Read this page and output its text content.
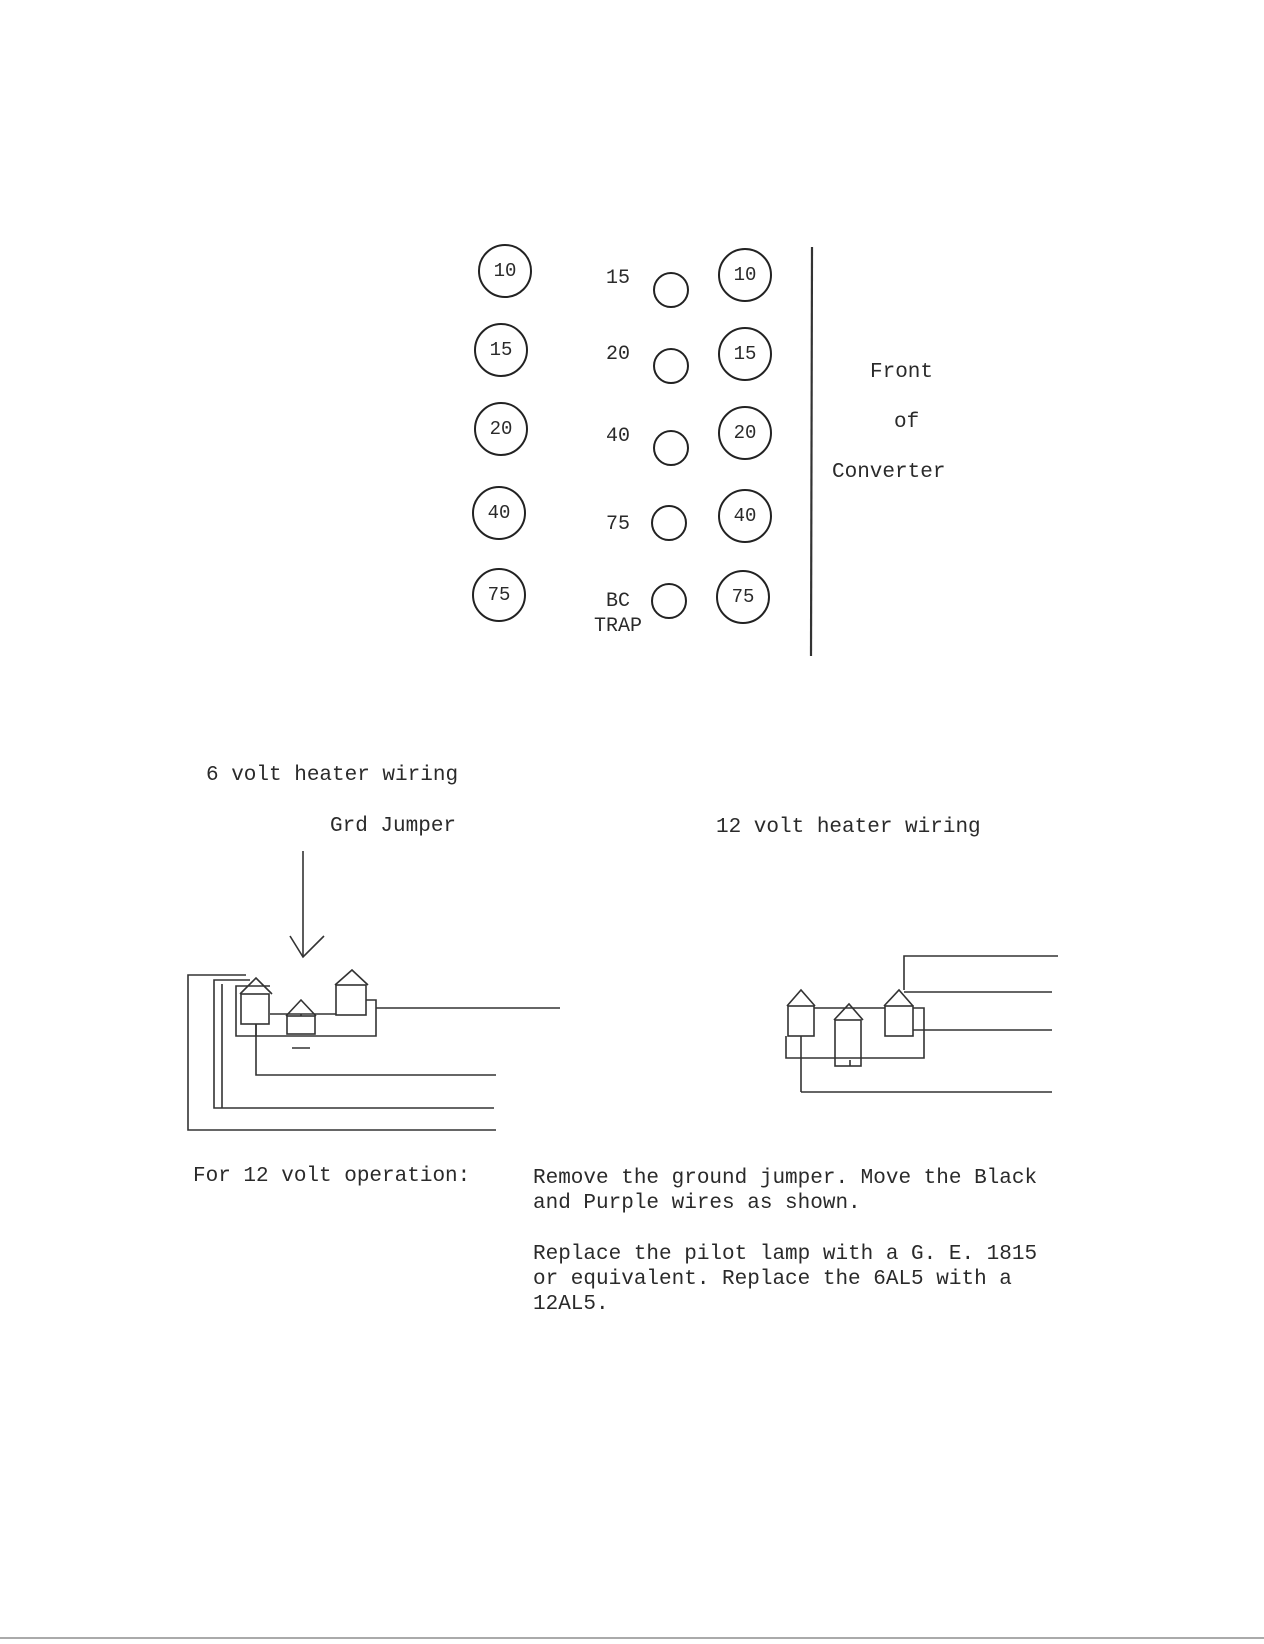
10
15
20
40
75
15
20
40
75
BC
TRAP
10
15
20
40
75
Front
of
Converter
6 volt heater wiring
Grd Jumper	12 volt heater wiring
For 12 volt operation:	Remove the ground jumper. Move the Black and Purple wires as shown.
Replace the pilot lamp with a G. E. 1815 or equivalent. Replace the 6AL5 with a 12AL5.
